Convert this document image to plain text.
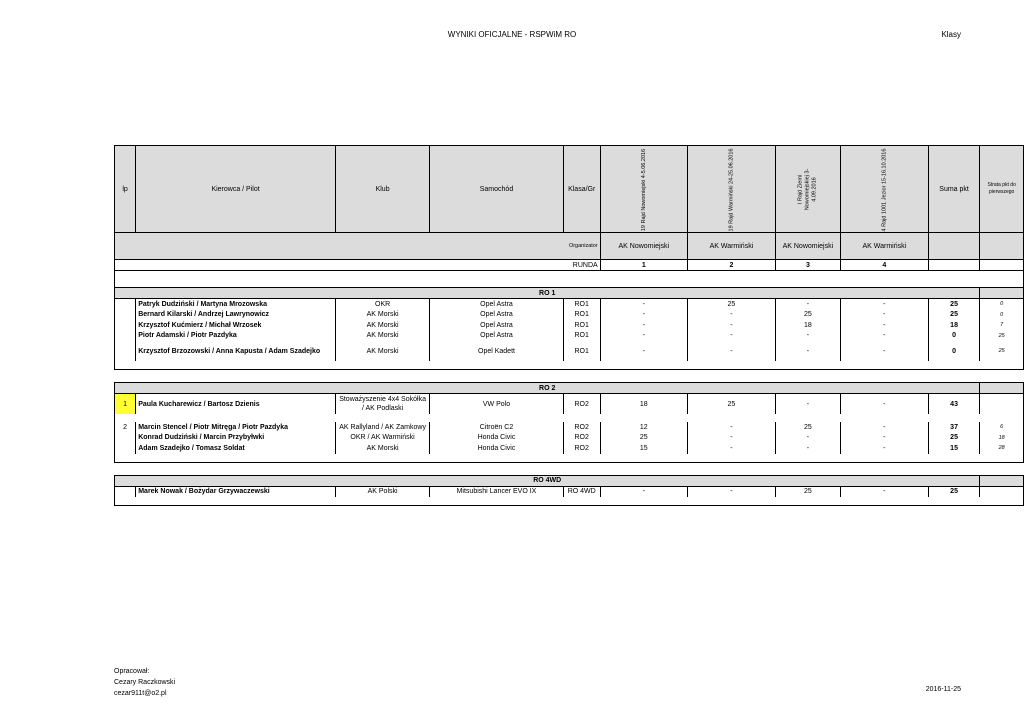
WYNIKI OFICJALNE - RSPWiM RO	Klasy
lp	Kierowca / Pilot	Klub	Samochód	Klasa/Gr	19 Rajd Nowomiejski 4-5.06.2016	19 Rajd Warmiński 24-25.06.2016	I Rajd Ziemi Nowomiejskiej 3-4.09.2016	4 Rajd 1001 Jezior 15-16.10.2016	Suma pkt	Strata pkt do pierwszego
Organizator					AK Nowomiejski	AK Warmiński	AK Nowomiejski	AK Warmiński		
				RUNDA	1	2	3	4		

RO 1										
	Patryk Dudziński / Martyna Mrozowska	OKR	Opel Astra	RO1	-	25	-	-	25	0
	Bernard Kilarski / Andrzej Lawrynowicz	AK Morski	Opel Astra	RO1	-	-	25	-	25	0
	Krzysztof Kućmierz / Michał Wrzosek	AK Morski	Opel Astra	RO1	-	-	18	-	18	7
	Piotr Adamski / Piotr Pazdyka	AK Morski	Opel Astra	RO1	-	-	-	-	0	25
	Krzysztof Brzozowski / Anna Kapusta / Adam Szadejko	AK Morski	Opel Kadett	RO1	-	-	-	-	0	25

RO 2										
1	Paula Kucharewicz / Bartosz Dzienis	Stoważyszenie 4x4 Sokółka / AK Podlaski	VW Polo	RO2	18	25	-	-	43	

2	Marcin Stencel / Piotr Mitręga / Piotr Pazdyka	AK Rallyland / AK Zamkowy	Citroën C2	RO2	12	-	25	-	37	6
	Konrad Dudziński / Marcin Przybyłwki	OKR / AK Warmiński	Honda Civic	RO2	25	-	-	-	25	18
	Adam Szadejko / Tomasz Soldat	AK Morski	Honda Civic	RO2	15	-	-	-	15	28

RO 4WD										
	Marek Nowak / Bożydar Grzywaczewski	AK Polski	Mitsubishi Lancer EVO IX	RO 4WD	-	-	25	-	25	

Opracował:
Cezary Raczkowski
cezar911t@o2.pl
2016-11-25
